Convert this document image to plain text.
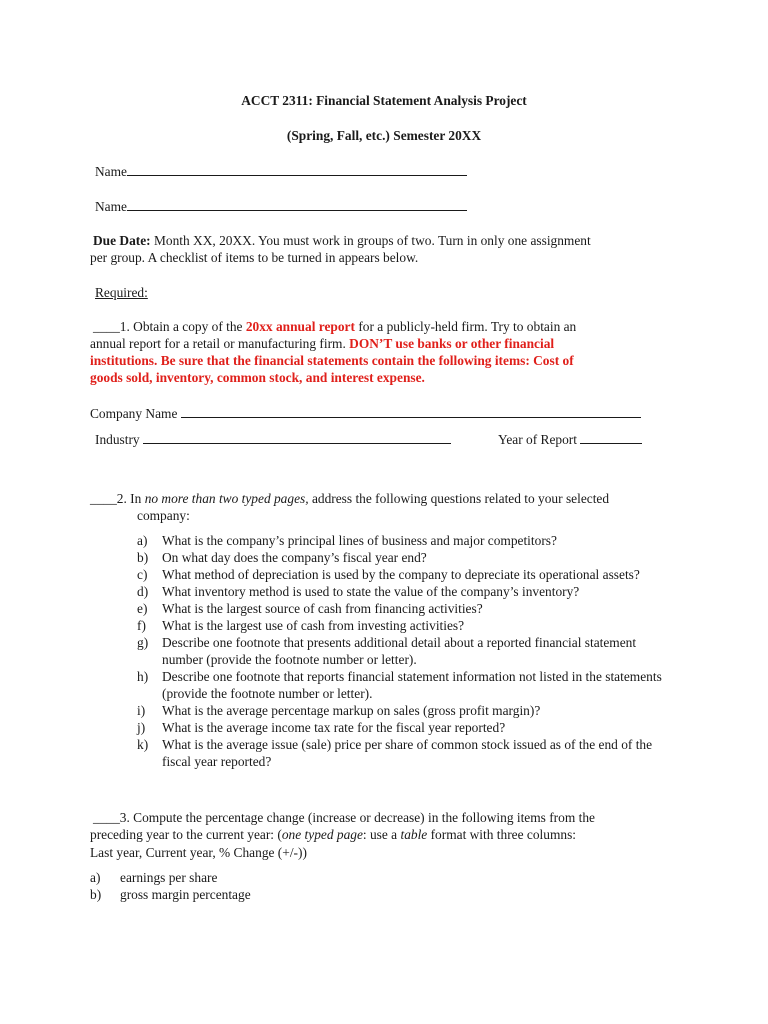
ACCT 2311: Financial Statement Analysis Project
(Spring, Fall, etc.) Semester 20XX
Name
Name
Due Date: Month XX, 20XX. You must work in groups of two. Turn in only one assignment
per group. A checklist of items to be turned in appears below.
Required:
____1. Obtain a copy of the 20xx annual report for a publicly-held firm. Try to obtain an
annual report for a retail or manufacturing firm. DON’T use banks or other financial
institutions. Be sure that the financial statements contain the following items: Cost of
goods sold, inventory, common stock, and interest expense.
Company Name
Industry	Year of Report
____2. In no more than two typed pages, address the following questions related to your selected
company:
a) What is the company’s principal lines of business and major competitors?
b) On what day does the company’s fiscal year end?
c) What method of depreciation is used by the company to depreciate its operational assets?
d) What inventory method is used to state the value of the company’s inventory?
e) What is the largest source of cash from financing activities?
f) What is the largest use of cash from investing activities?
g) Describe one footnote that presents additional detail about a reported financial statement number (provide the footnote number or letter).
h) Describe one footnote that reports financial statement information not listed in the statements (provide the footnote number or letter).
i) What is the average percentage markup on sales (gross profit margin)?
j) What is the average income tax rate for the fiscal year reported?
k) What is the average issue (sale) price per share of common stock issued as of the end of the fiscal year reported?
____3. Compute the percentage change (increase or decrease) in the following items from the
preceding year to the current year: (one typed page: use a table format with three columns:
Last year, Current year, % Change (+/-))
a) earnings per share
b) gross margin percentage
